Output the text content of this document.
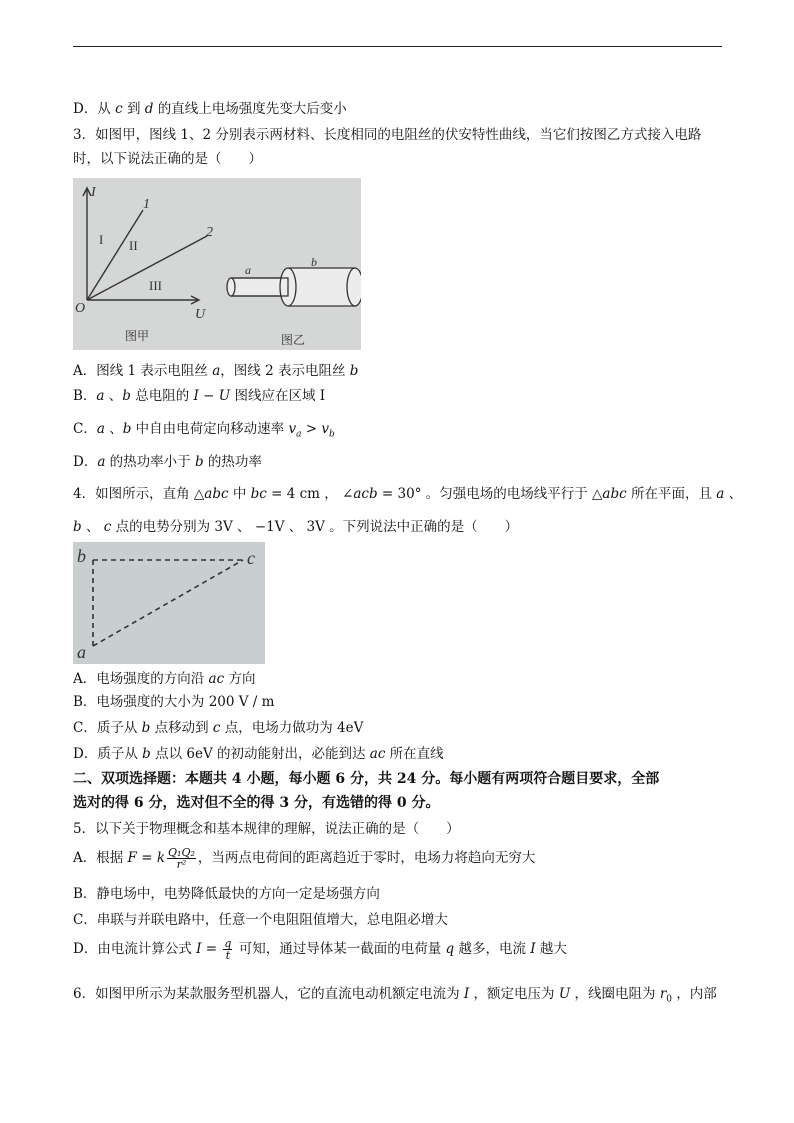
D．从 c 到 d 的直线上电场强度先变大后变小
3．如图甲，图线 1、2 分别表示两材料、长度相同的电阻丝的伏安特性曲线，当它们按图乙方式接入电路
时，以下说法正确的是（　　）
I
U
O
1
2
I II
III
图甲	图乙
a
b
A．图线 1 表示电阻丝 a，图线 2 表示电阻丝 b
B．a 、b 总电阻的 I − U 图线应在区域 I
C．a 、b 中自由电荷定向移动速率 $v_a > v_b$
D．a 的热功率小于 b 的热功率
4．如图所示，直角 △abc 中 bc = 4 cm ， ∠acb = 30° 。匀强电场的电场线平行于 △abc 所在平面，且 a 、
b 、 c 点的电势分别为 3V 、 −1V 、 3V 。下列说法中正确的是（　　）
b
a
c
A．电场强度的方向沿 ac 方向
B．电场强度的大小为 200 V / m
C．质子从 b 点移动到 c 点，电场力做功为 4eV
D．质子从 b 点以 6eV 的初动能射出，必能到达 ac 所在直线
二、双项选择题：本题共 4 小题，每小题 6 分，共 24 分。每小题有两项符合题目要求，全部
选对的得 6 分，选对但不全的得 3 分，有选错的得 0 分。
5．以下关于物理概念和基本规律的理解，说法正确的是（　　）
A．根据 F = k $\frac{\text{Q₁Q₂}}{\text{r²}}$ ，当两点电荷间的距离趋近于零时，电场力将趋向无穷大
B．静电场中，电势降低最快的方向一定是场强方向
C．串联与并联电路中，任意一个电阻阻值增大，总电阻必增大
D．由电流计算公式 $I = \frac{q}{t}$ 可知，通过导体某一截面的电荷量 q 越多，电流 I 越大
6．如图甲所示为某款服务型机器人，它的直流电动机额定电流为 I ，额定电压为 U ，线圈电阻为 $r_0$ ，内部
